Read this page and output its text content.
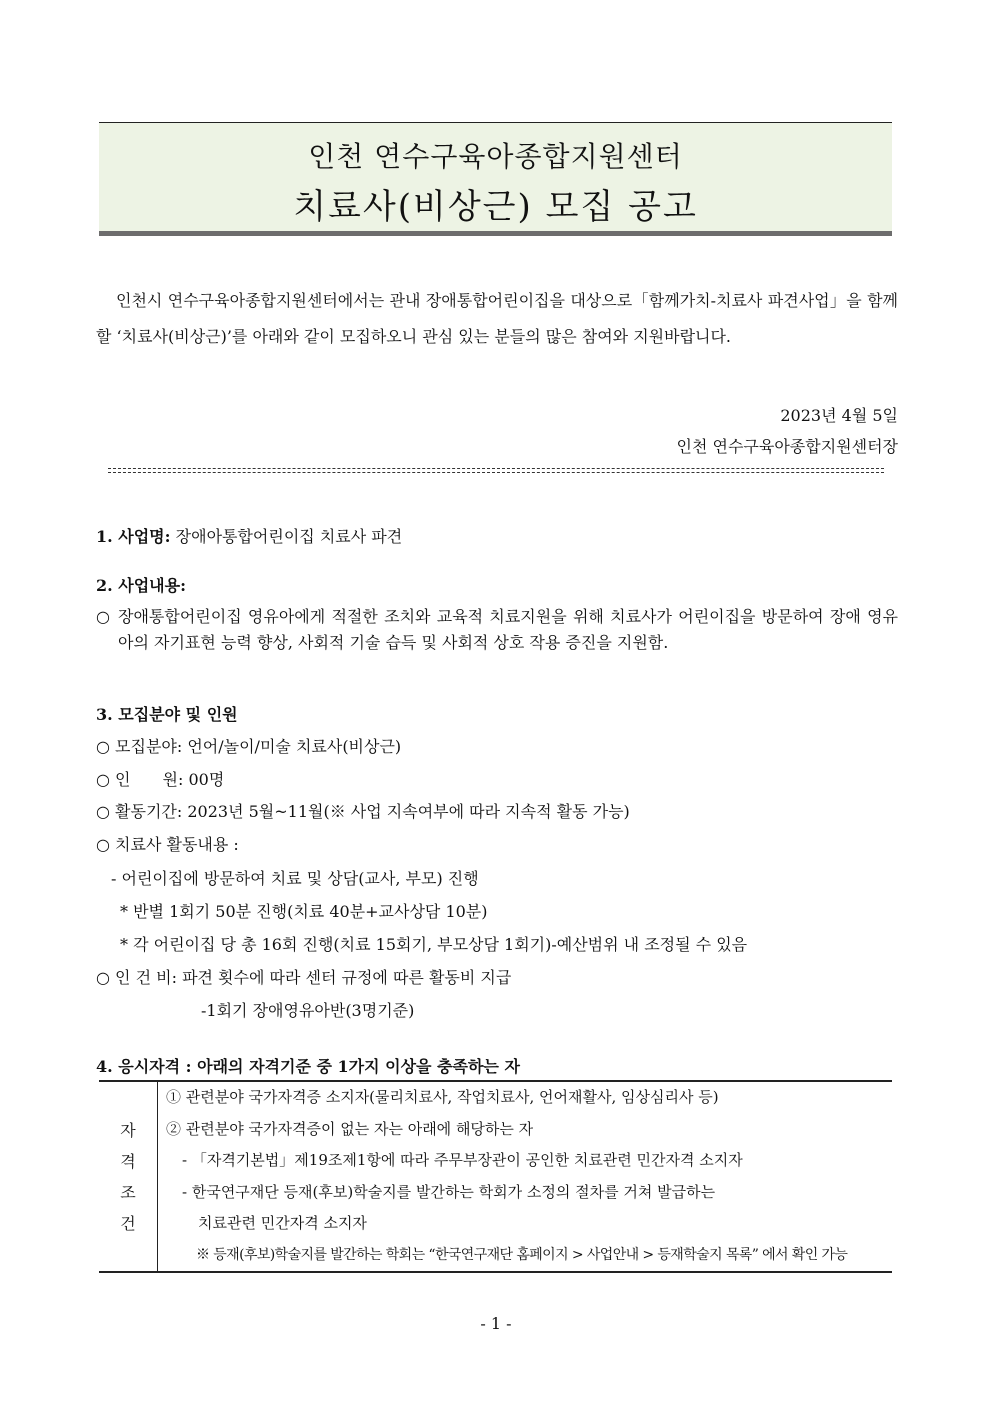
인천 연수구육아종합지원센터
치료사(비상근) 모집 공고
인천시 연수구육아종합지원센터에서는 관내 장애통합어린이집을 대상으로「함께가치-치료사 파견사업」을 함께 할 ‘치료사(비상근)’를 아래와 같이 모집하오니 관심 있는 분들의 많은 참여와 지원바랍니다.
2023년 4월 5일
인천 연수구육아종합지원센터장
1. 사업명: 장애아통합어린이집 치료사 파견
2. 사업내용:
○ 장애통합어린이집 영유아에게 적절한 조치와 교육적 치료지원을 위해 치료사가 어린이집을 방문하여 장애 영유아의 자기표현 능력 향상, 사회적 기술 습득 및 사회적 상호 작용 증진을 지원함.
3. 모집분야 및 인원
○ 모집분야: 언어/놀이/미술 치료사(비상근)
○ 인　　원: 00명
○ 활동기간: 2023년 5월~11월(※ 사업 지속여부에 따라 지속적 활동 가능)
○ 치료사 활동내용 :
- 어린이집에 방문하여 치료 및 상담(교사, 부모) 진행
* 반별 1회기 50분 진행(치료 40분+교사상담 10분)
* 각 어린이집 당 총 16회 진행(치료 15회기, 부모상담 1회기)-예산범위 내 조정될 수 있음
○ 인 건 비: 파견 횟수에 따라 센터 규정에 따른 활동비 지급
-1회기 장애영유아반(3명기준)
4. 응시자격 : 아래의 자격기준 중 1가지 이상을 충족하는 자
자
격
조
건
	① 관련분야 국가자격증 소지자(물리치료사, 작업치료사, 언어재활사, 임상심리사 등)
② 관련분야 국가자격증이 없는 자는 아래에 해당하는 자
- 「자격기본법」제19조제1항에 따라 주무부장관이 공인한 치료관련 민간자격 소지자
- 한국연구재단 등재(후보)학술지를 발간하는 학회가 소정의 절차를 거쳐 발급하는
치료관련 민간자격 소지자
※ 등재(후보)학술지를 발간하는 학회는 “한국연구재단 홈페이지 > 사업안내 > 등재학술지 목록” 에서 확인 가능
- 1 -
